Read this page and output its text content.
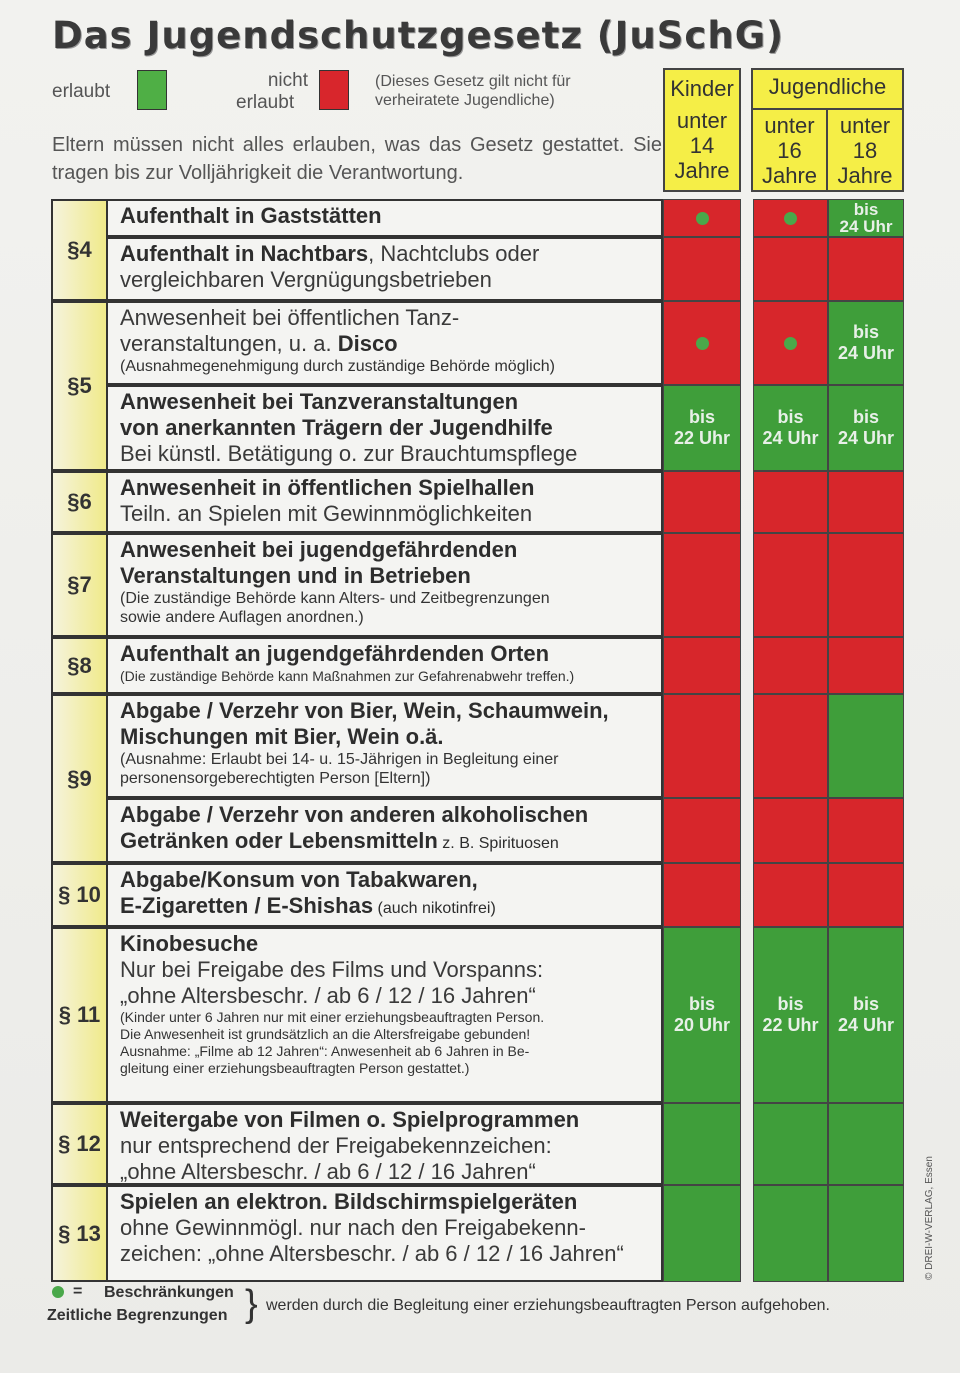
Das Jugendschutzgesetz (JuSchG)
erlaubt
nicht
erlaubt
(Dieses Gesetz gilt nicht für
verheiratete Jugendliche)
Eltern müssen nicht alles erlauben, was das Gesetz gestattet. Sie tragen bis zur Volljährigkeit die Verantwortung.
Kinder
unter
14
Jahre
Jugendliche
unter
16
Jahre
unter
18
Jahre
§4
§5
§6
§7
§8
§9
§ 10
§ 11
§ 12
§ 13
Aufenthalt in Gaststätten
Aufenthalt in Nachtbars, Nachtclubs oder
vergleichbaren Vergnügungsbetrieben
Anwesenheit bei öffentlichen Tanz-
veranstaltungen, u. a. Disco
(Ausnahmegenehmigung durch zuständige Behörde möglich)
Anwesenheit bei Tanzveranstaltungen
von anerkannten Trägern der Jugendhilfe
Bei künstl. Betätigung o. zur Brauchtumspflege
Anwesenheit in öffentlichen Spielhallen
Teiln. an Spielen mit Gewinnmöglichkeiten
Anwesenheit bei jugendgefährdenden
Veranstaltungen und in Betrieben
(Die zuständige Behörde kann Alters- und Zeitbegrenzungen
sowie andere Auflagen anordnen.)
Aufenthalt an jugendgefährdenden Orten
(Die zuständige Behörde kann Maßnahmen zur Gefahrenabwehr treffen.)
Abgabe / Verzehr von Bier, Wein, Schaumwein,
Mischungen mit Bier, Wein o.ä.
(Ausnahme: Erlaubt bei 14- u. 15-Jährigen in Begleitung einer
personensorgeberechtigten Person [Eltern])
Abgabe / Verzehr von anderen alkoholischen
Getränken oder Lebensmitteln z. B. Spirituosen
Abgabe/Konsum von Tabakwaren,
E-Zigaretten / E-Shishas (auch nikotinfrei)
Kinobesuche
Nur bei Freigabe des Films und Vorspanns:
„ohne Altersbeschr. / ab 6 / 12 / 16 Jahren“
(Kinder unter 6 Jahren nur mit einer erziehungsbeauftragten Person.
Die Anwesenheit ist grundsätzlich an die Altersfreigabe gebunden!
Ausnahme: „Filme ab 12 Jahren“: Anwesenheit ab 6 Jahren in Be-
gleitung einer erziehungsbeauftragten Person gestattet.)
Weitergabe von Filmen o. Spielprogrammen
nur entsprechend der Freigabekennzeichen:
„ohne Altersbeschr. / ab 6 / 12 / 16 Jahren“
Spielen an elektron. Bildschirmspielgeräten
ohne Gewinnmögl. nur nach den Freigabekenn-
zeichen: „ohne Altersbeschr. / ab 6 / 12 / 16 Jahren“
bis
24 Uhr
bis
24 Uhr
bis
22 Uhr
bis
24 Uhr
bis
24 Uhr
bis
20 Uhr
bis
22 Uhr
bis
24 Uhr
= Beschränkungen
Zeitliche Begrenzungen } werden durch die Begleitung einer erziehungsbeauftragten Person aufgehoben.
© DREI-W-VERLAG, Essen
